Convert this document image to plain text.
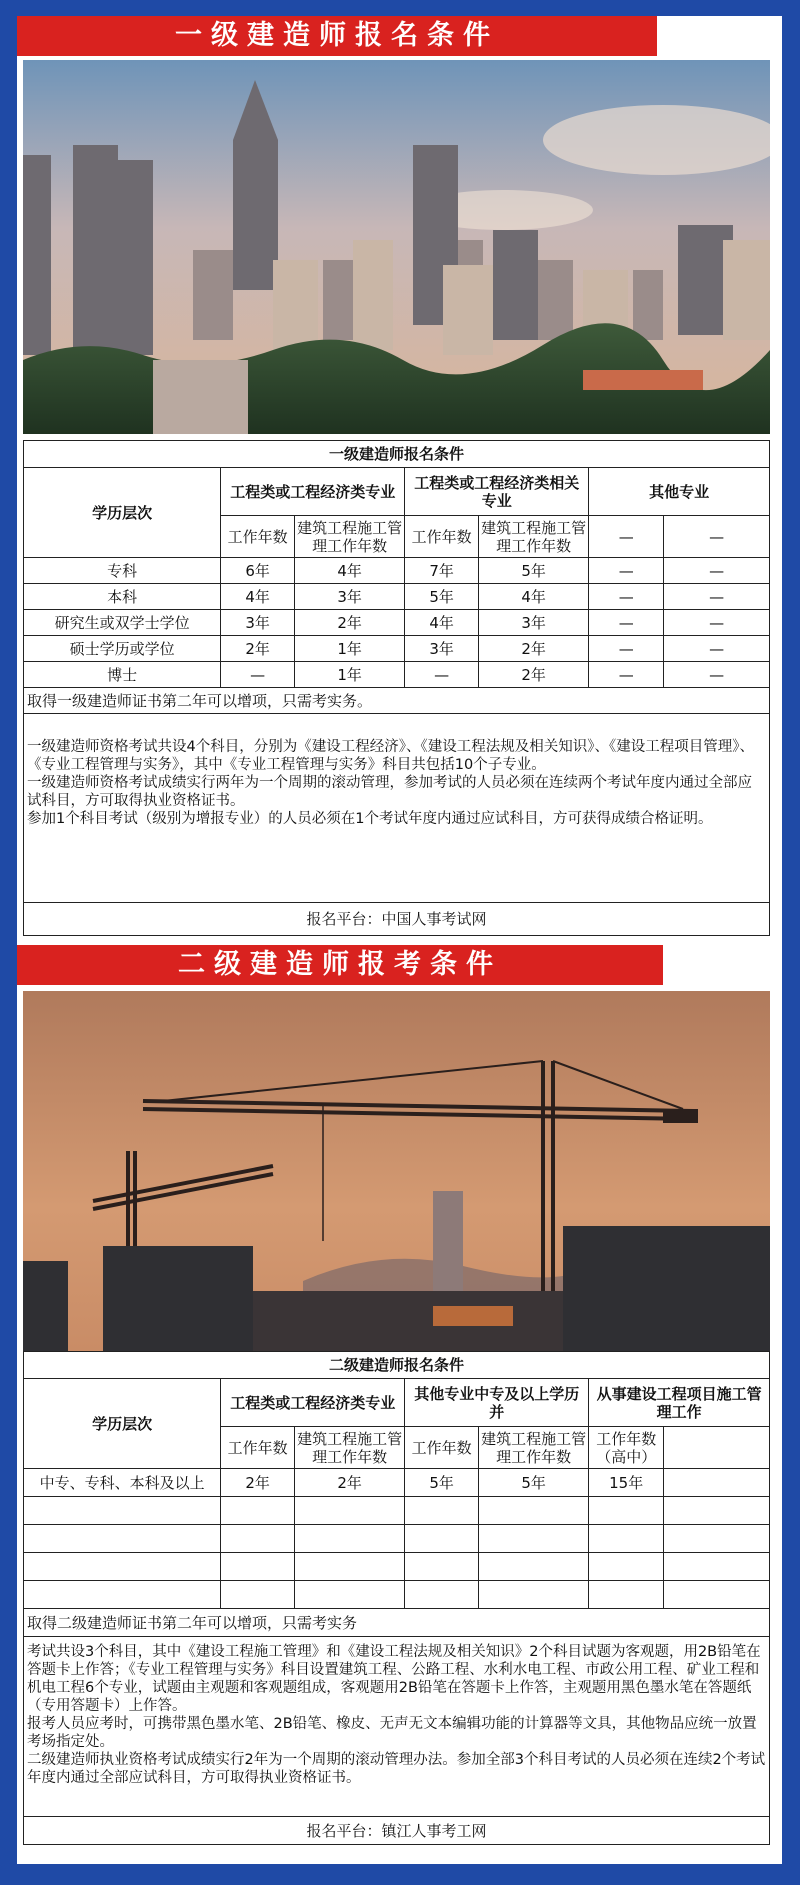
一级建造师报名条件
一级建造师报名条件						
学历层次	工程类或工程经济类专业		工程类或工程经济类相关专业		其他专业	
	工作年数	建筑工程施工管理工作年数	工作年数	建筑工程施工管理工作年数	—	—
专科	6年	4年	7年	5年	—	—
本科	4年	3年	5年	4年	—	—
研究生或双学士学位	3年	2年	4年	3年	—	—
硕士学历或学位	2年	1年	3年	2年	—	—
博士	—	1年	—	2年	—	—
取得一级建造师证书第二年可以增项，只需考实务。						

一级建造师资格考试共设4个科目，分别为《建设工程经济》、《建设工程法规及相关知识》、《建设工程项目管理》、《专业工程管理与实务》，其中《专业工程管理与实务》科目共包括10个子专业。

一级建造师资格考试成绩实行两年为一个周期的滚动管理，参加考试的人员必须在连续两个考试年度内通过全部应试科目，方可取得执业资格证书。

参加1个科目考试（级别为增报专业）的人员必须在1个考试年度内通过应试科目，方可获得成绩合格证明。						

报名平台：中国人事考试网						
二级建造师报考条件
二级建造师报名条件						
学历层次	工程类或工程经济类专业		其他专业中专及以上学历并		从事建设工程项目施工管理工作	
	工作年数	建筑工程施工管理工作年数	工作年数	建筑工程施工管理工作年数	工作年数（高中）	
中专、专科、本科及以上	2年	2年	5年	5年	15年	

取得二级建造师证书第二年可以增项，只需考实务						

考试共设3个科目，其中《建设工程施工管理》和《建设工程法规及相关知识》2个科目试题为客观题，用2B铅笔在答题卡上作答；《专业工程管理与实务》科目设置建筑工程、公路工程、水利水电工程、市政公用工程、矿业工程和机电工程6个专业，试题由主观题和客观题组成，客观题用2B铅笔在答题卡上作答，主观题用黑色墨水笔在答题纸（专用答题卡）上作答。

报考人员应考时，可携带黑色墨水笔、2B铅笔、橡皮、无声无文本编辑功能的计算器等文具，其他物品应统一放置考场指定处。

二级建造师执业资格考试成绩实行2年为一个周期的滚动管理办法。参加全部3个科目考试的人员必须在连续2个考试年度内通过全部应试科目，方可取得执业资格证书。						

报名平台：镇江人事考工网						
